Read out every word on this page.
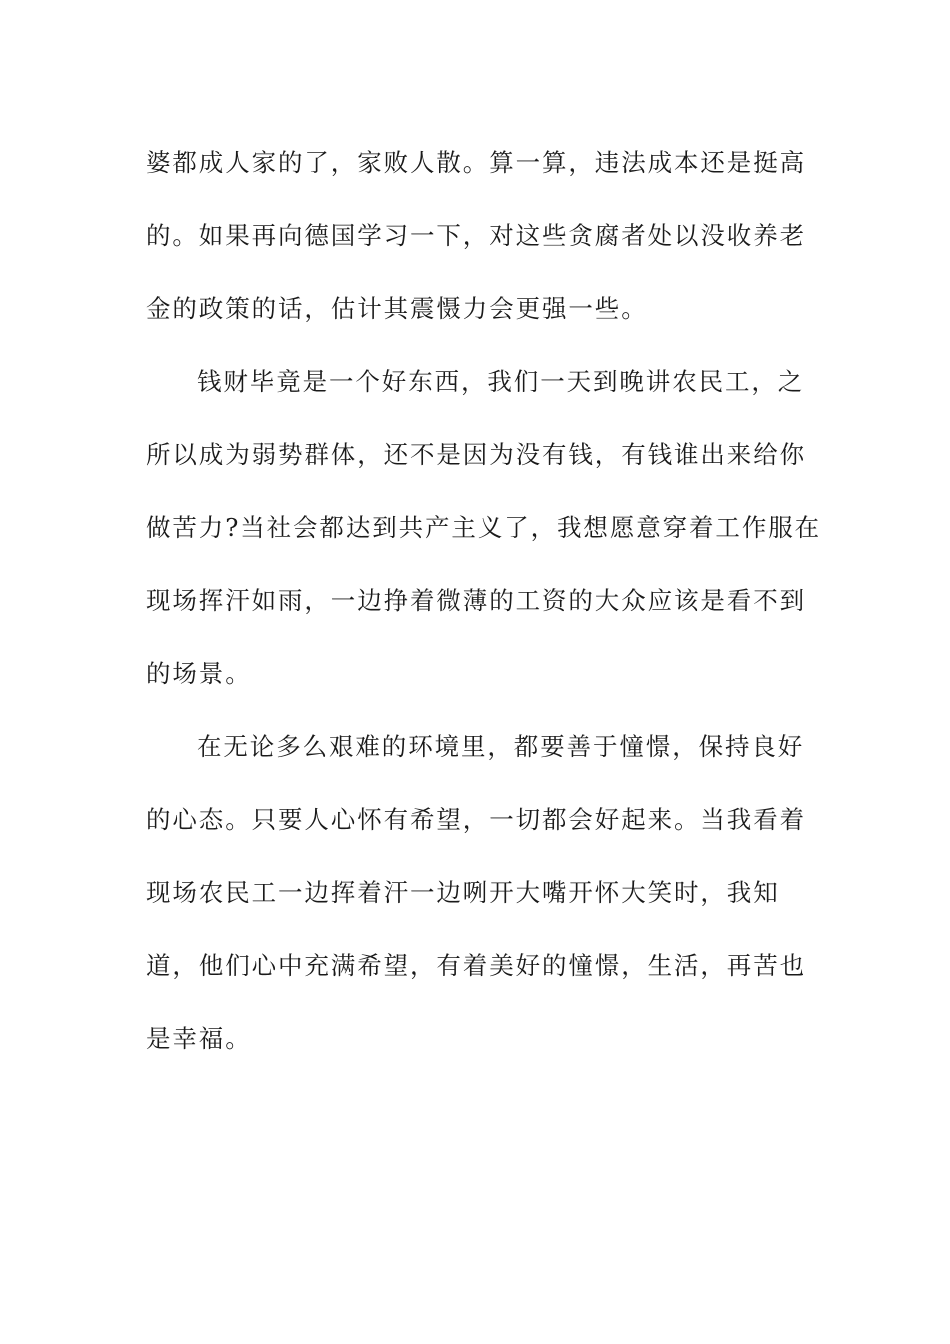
婆都成人家的了，家败人散。算一算，违法成本还是挺高
的。如果再向德国学习一下，对这些贪腐者处以没收养老
金的政策的话，估计其震慑力会更强一些。
钱财毕竟是一个好东西，我们一天到晚讲农民工，之
所以成为弱势群体，还不是因为没有钱，有钱谁出来给你
做苦力?当社会都达到共产主义了，我想愿意穿着工作服在
现场挥汗如雨，一边挣着微薄的工资的大众应该是看不到
的场景。
在无论多么艰难的环境里，都要善于憧憬，保持良好
的心态。只要人心怀有希望，一切都会好起来。当我看着
现场农民工一边挥着汗一边咧开大嘴开怀大笑时，我知
道，他们心中充满希望，有着美好的憧憬，生活，再苦也
是幸福。
